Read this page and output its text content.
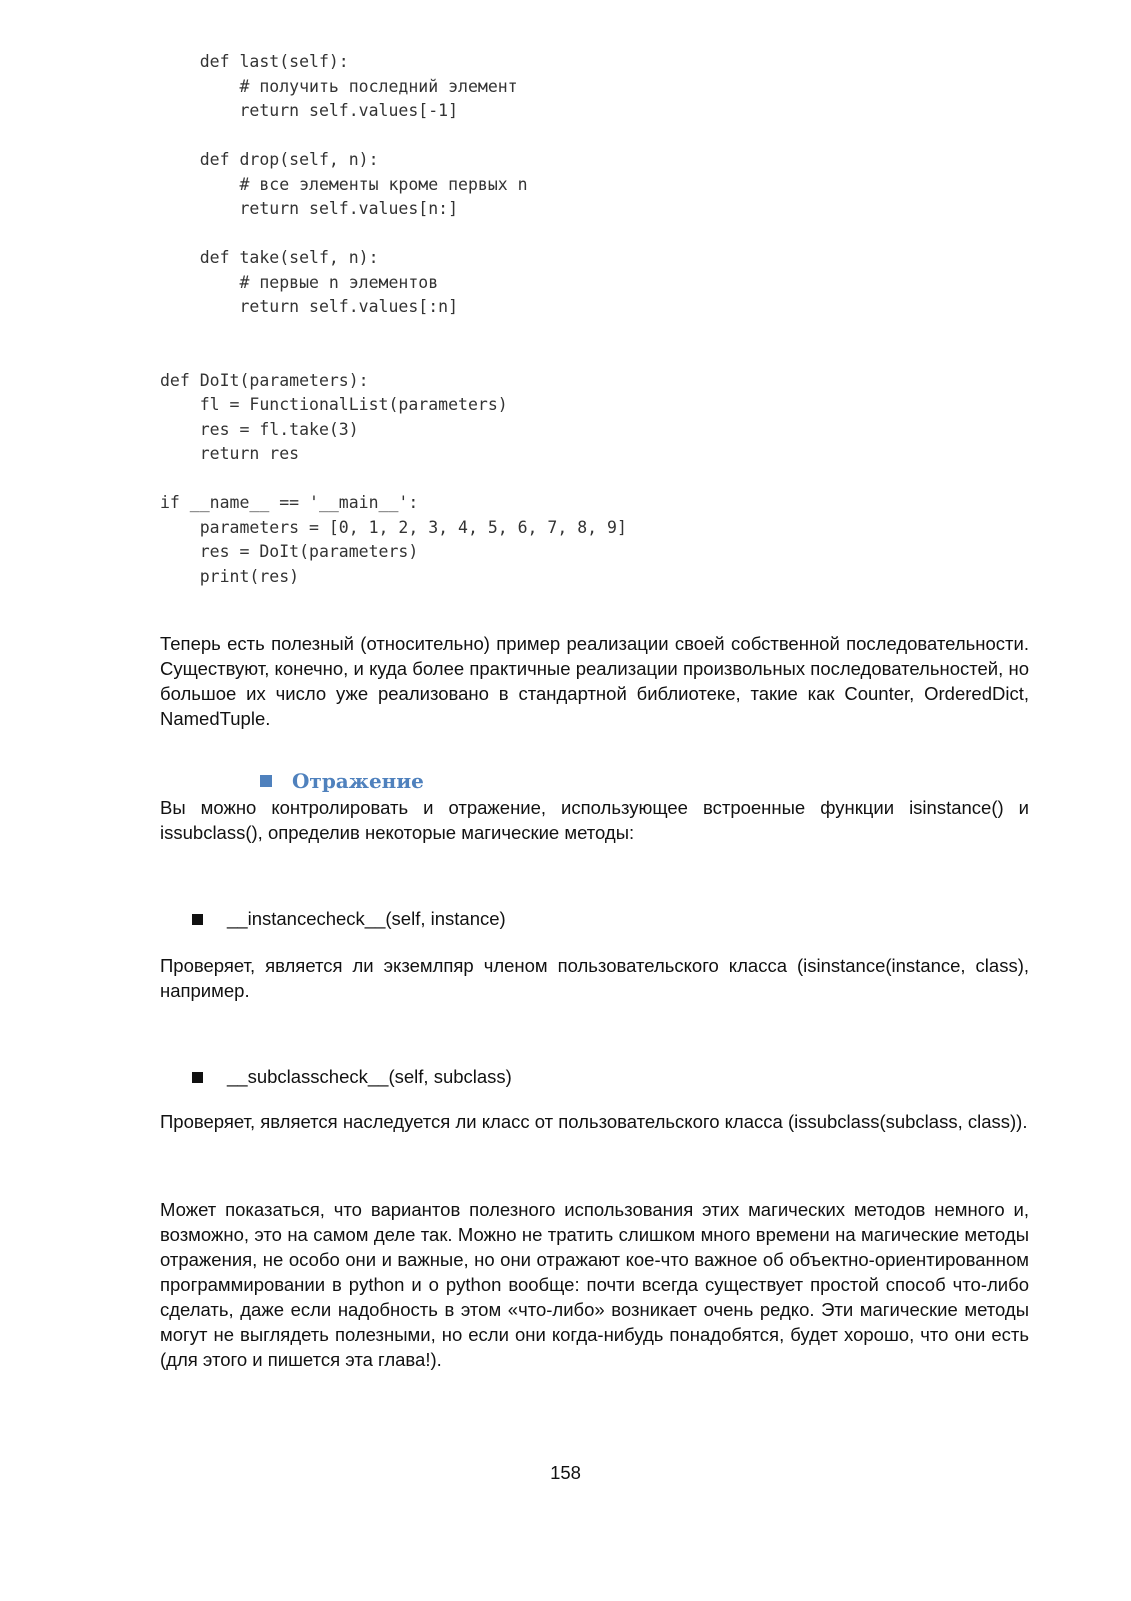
def last(self):
# получить последний элемент
return self.values[-1]
def drop(self, n):
# все элементы кроме первых n
return self.values[n:]
def take(self, n):
# первые n элементов
return self.values[:n]
def DoIt(parameters):
fl = FunctionalList(parameters)
res = fl.take(3)
return res
if __name__ == '__main__':
parameters = [0, 1, 2, 3, 4, 5, 6, 7, 8, 9]
res = DoIt(parameters)
print(res)

Теперь есть полезный (относительно) пример реализации своей собственной последовательности. Существуют, конечно, и куда более практичные реализации произвольных последовательностей, но большое их число уже реализовано в стандартной библиотеке, такие как Counter, OrderedDict, NamedTuple.

Отражение

Вы можно контролировать и отражение, использующее встроенные функции isinstance() и issubclass(), определив некоторые магические методы:

__instancecheck__(self, instance)

Проверяет, является ли экземлпяр членом пользовательского класса (isinstance(instance, class), например.

__subclasscheck__(self, subclass)

Проверяет, является наследуется ли класс от пользовательского класса (issubclass(subclass, class)).

Может показаться, что вариантов полезного использования этих магических методов немного и, возможно, это на самом деле так. Можно не тратить слишком много времени на магические методы отражения, не особо они и важные, но они отражают кое-что важное об объектно-ориентированном программировании в python и о python вообще: почти всегда существует простой способ что-либо сделать, даже если надобность в этом «что-либо» возникает очень редко. Эти магические методы могут не выглядеть полезными, но если они когда-нибудь понадобятся, будет хорошо, что они есть (для этого и пишется эта глава!).

158
